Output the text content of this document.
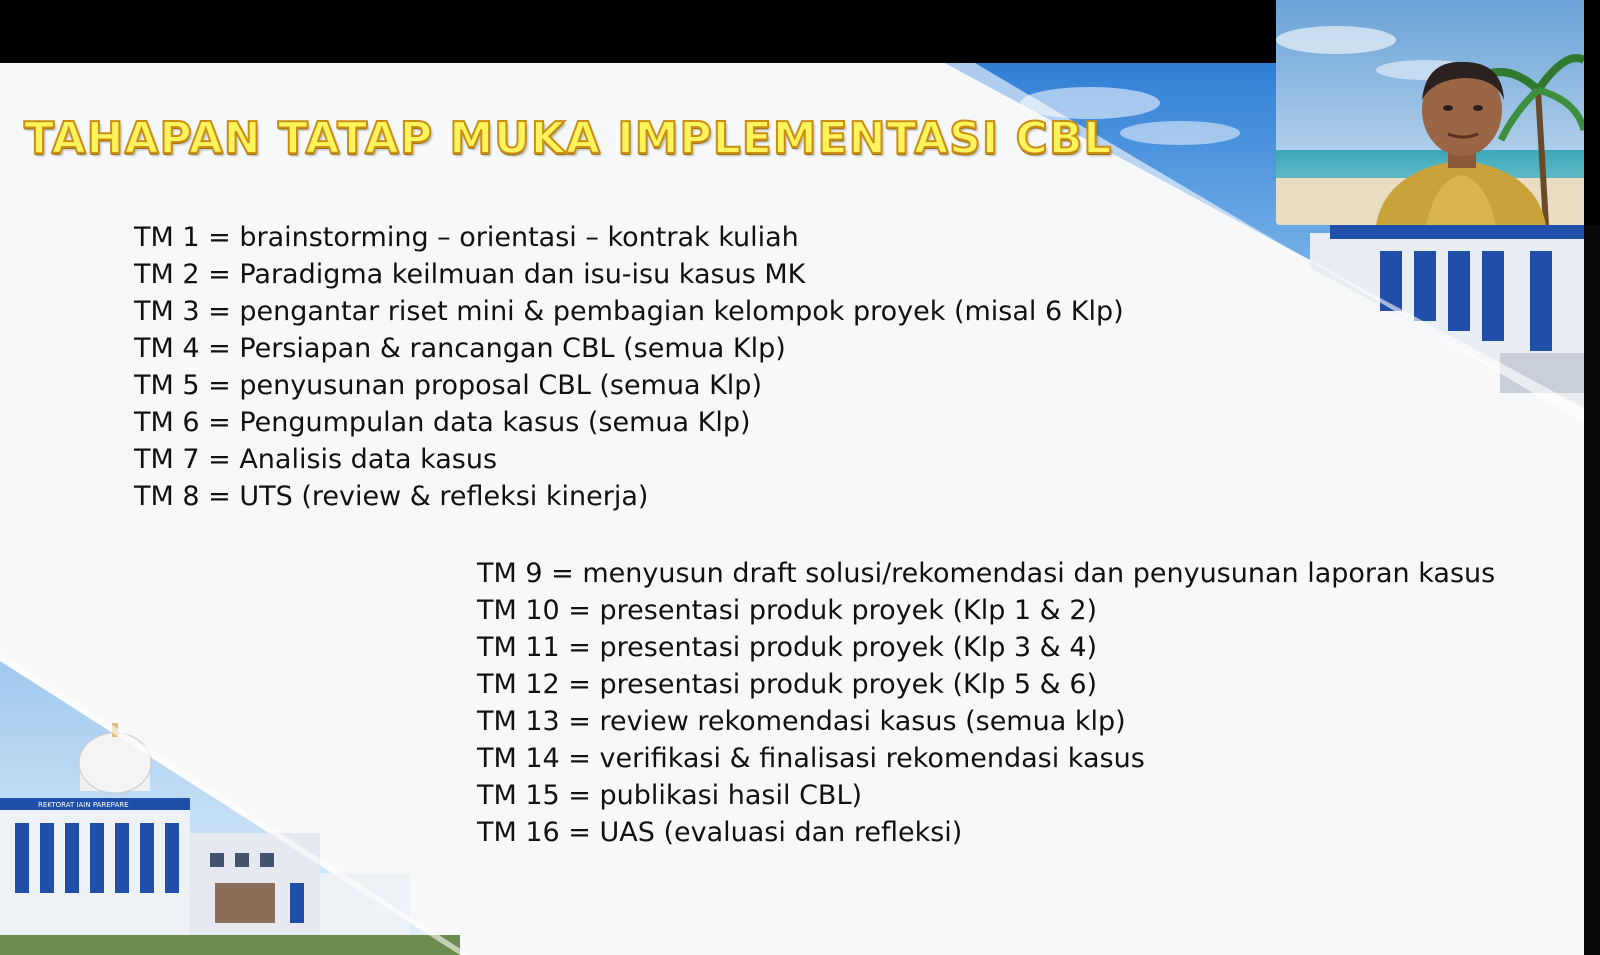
REKTORAT IAIN PAREPARE
TAHAPAN TATAP MUKA IMPLEMENTASI CBL
TM 1 = brainstorming – orientasi – kontrak kuliah
TM 2 = Paradigma keilmuan dan isu-isu kasus MK
TM 3 = pengantar riset mini & pembagian kelompok proyek (misal 6 Klp)
TM 4 = Persiapan & rancangan CBL (semua Klp)
TM 5 = penyusunan proposal CBL (semua Klp)
TM 6 = Pengumpulan data kasus (semua Klp)
TM 7 = Analisis data kasus
TM 8 = UTS (review & refleksi kinerja)
TM 9 = menyusun draft solusi/rekomendasi dan penyusunan laporan kasus
TM 10 = presentasi produk proyek (Klp 1 & 2)
TM 11 = presentasi produk proyek (Klp 3 & 4)
TM 12 = presentasi produk proyek (Klp 5 & 6)
TM 13 = review rekomendasi kasus (semua klp)
TM 14 = verifikasi & finalisasi rekomendasi kasus
TM 15 = publikasi hasil CBL)
TM 16 = UAS (evaluasi dan refleksi)
